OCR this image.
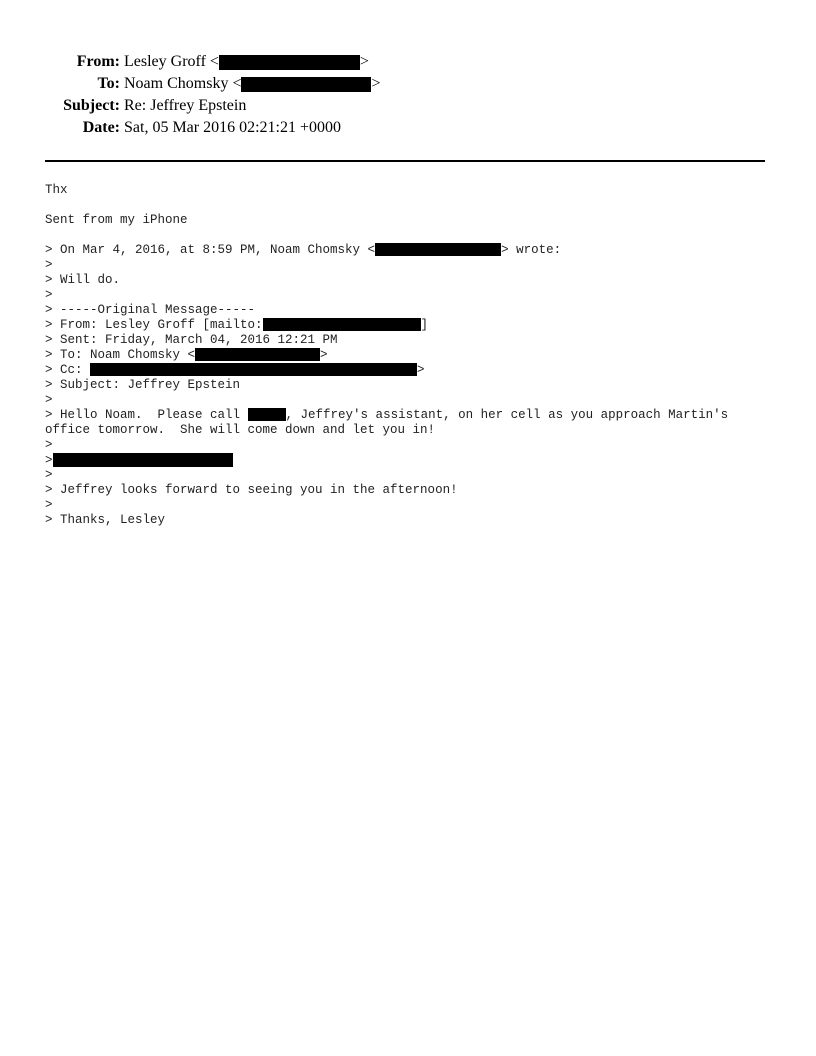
From: Lesley Groff <	>
To: Noam Chomsky <	>
Subject: Re: Jeffrey Epstein
Date: Sat, 05 Mar 2016 02:21:21 +0000
Thx
Sent from my iPhone
> On Mar 4, 2016, at 8:59 PM, Noam Chomsky <	> wrote:
>
> Will do.
>
> -----Original Message-----
> From: Lesley Groff [mailto:	]
> Sent: Friday, March 04, 2016 12:21 PM
> To: Noam Chomsky <	>
> Cc:	>
> Subject: Jeffrey Epstein
>
> Hello Noam.  Please call	, Jeffrey's assistant, on her cell as you approach Martin's
office tomorrow.  She will come down and let you in!
>
>
>
> Jeffrey looks forward to seeing you in the afternoon!
>
> Thanks, Lesley
